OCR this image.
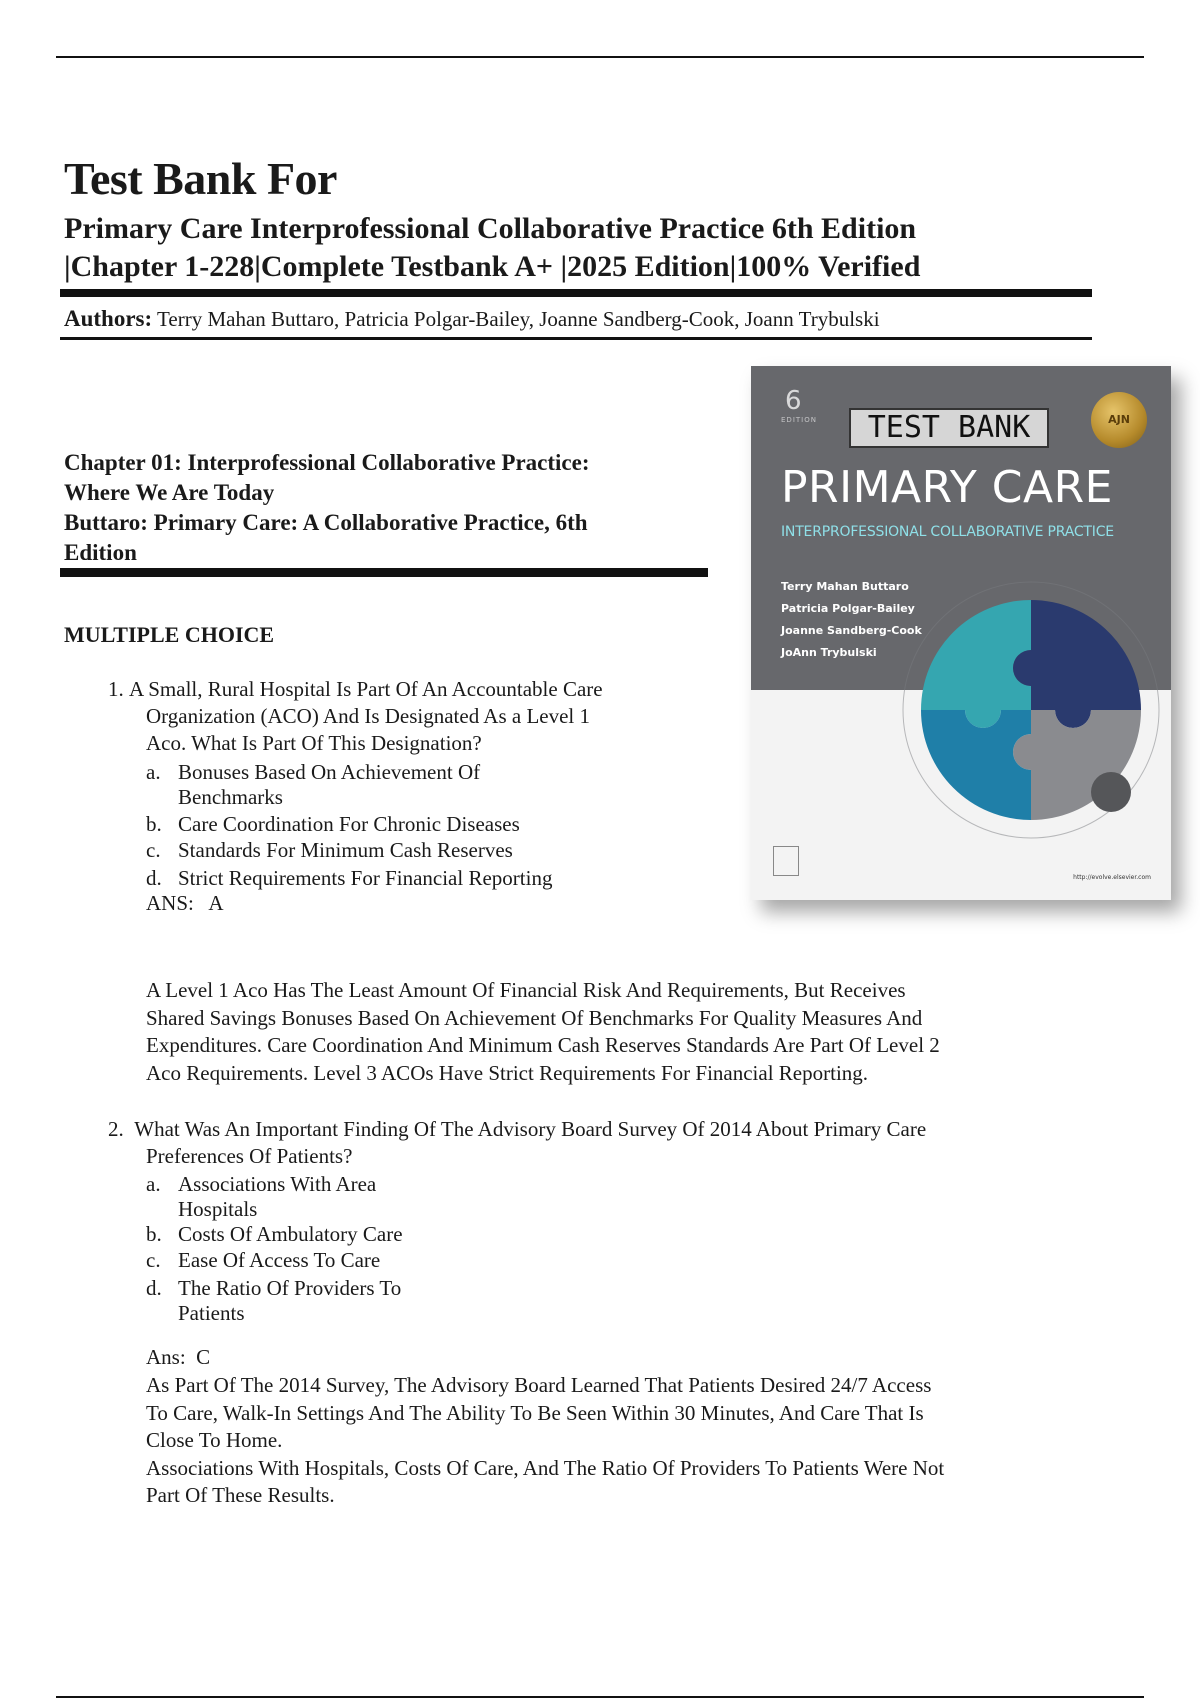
Test Bank For
Primary Care Interprofessional Collaborative Practice 6th Edition
|Chapter 1-228|Complete Testbank A+ |2025 Edition|100% Verified
Authors: Terry Mahan Buttaro, Patricia Polgar-Bailey, Joanne Sandberg-Cook, Joann Trybulski
Chapter 01: Interprofessional Collaborative Practice:
Where We Are Today
Buttaro: Primary Care: A Collaborative Practice, 6th
Edition
MULTIPLE CHOICE
1. A Small, Rural Hospital Is Part Of An Accountable Care
Organization (ACO) And Is Designated As a Level 1
Aco. What Is Part Of This Designation?
a. Bonuses Based On Achievement Of
Benchmarks
b. Care Coordination For Chronic Diseases
c. Standards For Minimum Cash Reserves
d. Strict Requirements For Financial Reporting
ANS:   A
A Level 1 Aco Has The Least Amount Of Financial Risk And Requirements, But Receives
Shared Savings Bonuses Based On Achievement Of Benchmarks For Quality Measures And
Expenditures. Care Coordination And Minimum Cash Reserves Standards Are Part Of Level 2
Aco Requirements. Level 3 ACOs Have Strict Requirements For Financial Reporting.
2. What Was An Important Finding Of The Advisory Board Survey Of 2014 About Primary Care
Preferences Of Patients?
a. Associations With Area
Hospitals
b. Costs Of Ambulatory Care
c. Ease Of Access To Care
d. The Ratio Of Providers To
Patients
Ans:  C
As Part Of The 2014 Survey, The Advisory Board Learned That Patients Desired 24/7 Access
To Care, Walk-In Settings And The Ability To Be Seen Within 30 Minutes, And Care That Is
Close To Home.
Associations With Hospitals, Costs Of Care, And The Ratio Of Providers To Patients Were Not
Part Of These Results.
6
EDITION	TEST BANK	AJN
PRIMARY CARE
INTERPROFESSIONAL COLLABORATIVE PRACTICE
Terry Mahan Buttaro
Patricia Polgar-Bailey
Joanne Sandberg-Cook
JoAnn Trybulski
http://evolve.elsevier.com
